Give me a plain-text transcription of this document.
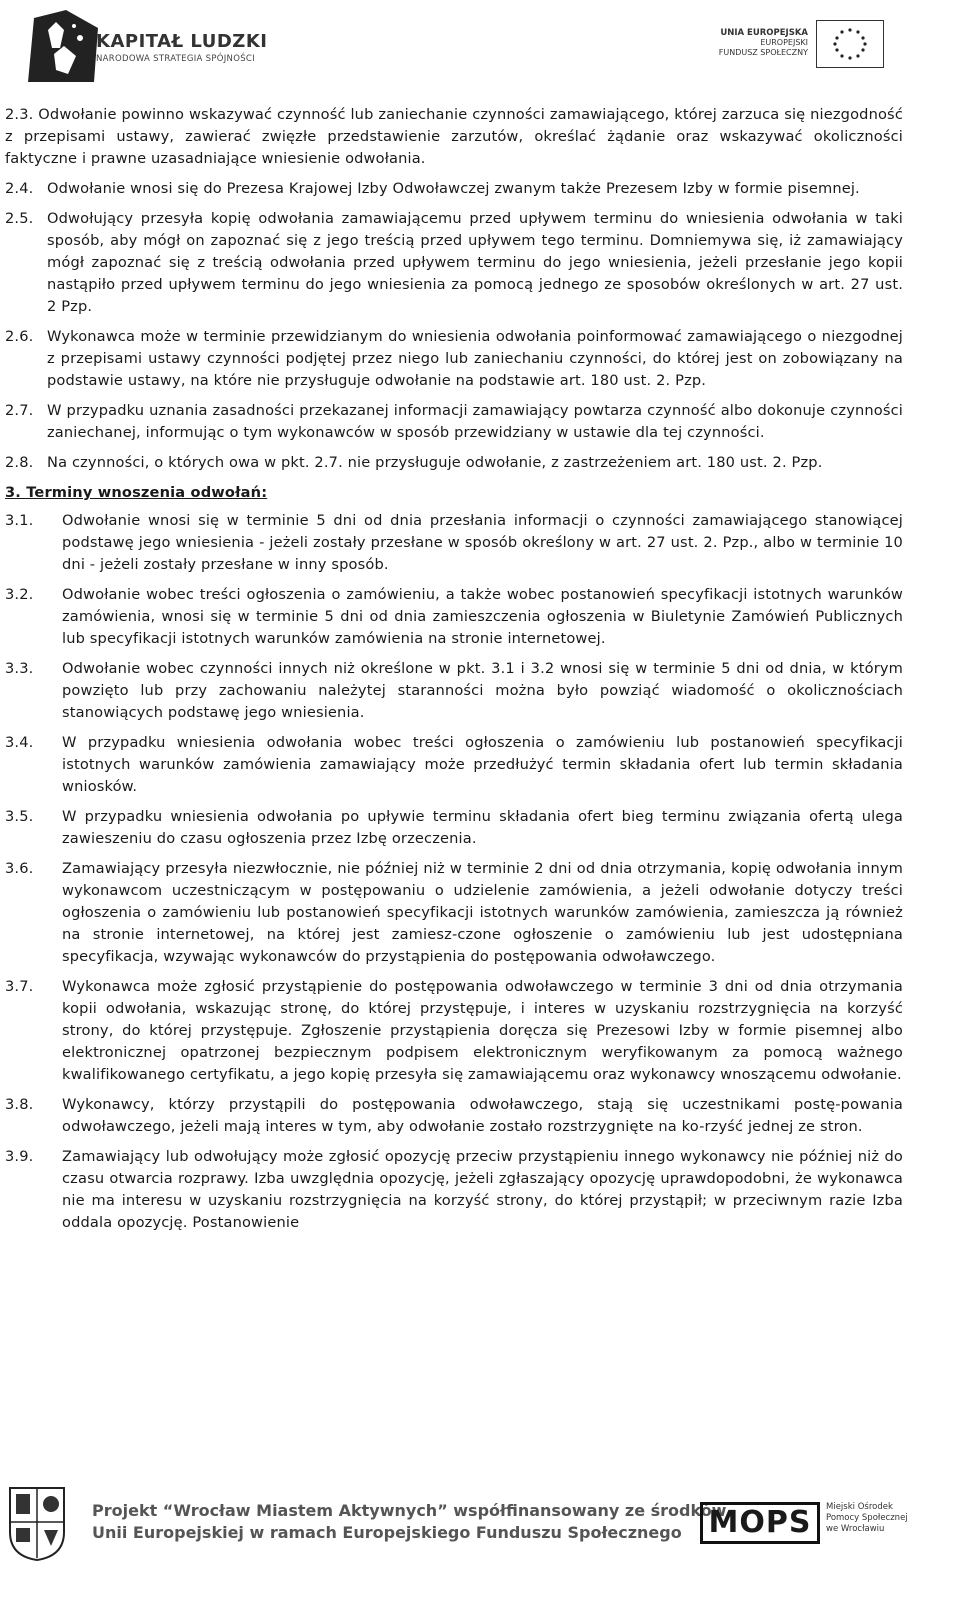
KAPITAŁ LUDZKI
NARODOWA STRATEGIA SPÓJNOŚCI
UNIA EUROPEJSKA
EUROPEJSKI
FUNDUSZ SPOŁECZNY
2.3. Odwołanie powinno wskazywać czynność lub zaniechanie czynności zamawiającego, której zarzuca się niezgodność z przepisami ustawy, zawierać zwięzłe przedstawienie zarzutów, określać żądanie oraz wskazywać okoliczności faktyczne i prawne uzasadniające wniesienie odwołania.
2.4. Odwołanie wnosi się do Prezesa Krajowej Izby Odwoławczej zwanym także Prezesem Izby w formie pisemnej.
2.5. Odwołujący przesyła kopię odwołania zamawiającemu przed upływem terminu do wniesienia odwołania w taki sposób, aby mógł on zapoznać się z jego treścią przed upływem tego terminu. Domniemywa się, iż zamawiający mógł zapoznać się z treścią odwołania przed upływem terminu do jego wniesienia, jeżeli przesłanie jego kopii nastąpiło przed upływem terminu do jego wniesienia za pomocą jednego ze sposobów określonych w art. 27 ust. 2 Pzp.
2.6. Wykonawca może w terminie przewidzianym do wniesienia odwołania poinformować zamawiającego o niezgodnej z przepisami ustawy czynności podjętej przez niego lub zaniechaniu czynności, do której jest on zobowiązany na podstawie ustawy, na które nie przysługuje odwołanie na podstawie art. 180 ust. 2. Pzp.
2.7. W przypadku uznania zasadności przekazanej informacji zamawiający powtarza czynność albo dokonuje czynności zaniechanej, informując o tym wykonawców w sposób przewidziany w ustawie dla tej czynności.
2.8. Na czynności, o których owa w pkt. 2.7. nie przysługuje odwołanie, z zastrzeżeniem art. 180 ust. 2. Pzp.
3. Terminy wnoszenia odwołań:
3.1.	Odwołanie wnosi się w terminie 5 dni od dnia przesłania informacji o czynności zamawiającego stanowiącej podstawę jego wniesienia - jeżeli zostały przesłane w sposób określony w art. 27 ust. 2. Pzp., albo w terminie 10 dni - jeżeli zostały przesłane w inny sposób.
3.2.	Odwołanie wobec treści ogłoszenia o zamówieniu, a także wobec postanowień specyfikacji istotnych warunków zamówienia, wnosi się w terminie 5 dni od dnia zamieszczenia ogłoszenia w Biuletynie Zamówień Publicznych lub specyfikacji istotnych warunków zamówienia na stronie internetowej.
3.3.	Odwołanie wobec czynności innych niż określone w pkt. 3.1 i 3.2 wnosi się w terminie 5 dni od dnia, w którym powzięto lub przy zachowaniu należytej staranności można było powziąć wiadomość o okolicznościach stanowiących podstawę jego wniesienia.
3.4.	W przypadku wniesienia odwołania wobec treści ogłoszenia o zamówieniu lub postanowień specyfikacji istotnych warunków zamówienia zamawiający może przedłużyć termin składania ofert lub termin składania wniosków.
3.5.	W przypadku wniesienia odwołania po upływie terminu składania ofert bieg terminu związania ofertą ulega zawieszeniu do czasu ogłoszenia przez Izbę orzeczenia.
3.6.	Zamawiający przesyła niezwłocznie, nie później niż w terminie 2 dni od dnia otrzymania, kopię odwołania innym wykonawcom uczestniczącym w postępowaniu o udzielenie zamówienia, a jeżeli odwołanie dotyczy treści ogłoszenia o zamówieniu lub postanowień specyfikacji istotnych warunków zamówienia, zamieszcza ją również na stronie internetowej, na której jest zamiesz-czone ogłoszenie o zamówieniu lub jest udostępniana specyfikacja, wzywając wykonawców do przystąpienia do postępowania odwoławczego.
3.7.	Wykonawca może zgłosić przystąpienie do postępowania odwoławczego w terminie 3 dni od dnia otrzymania kopii odwołania, wskazując stronę, do której przystępuje, i interes w uzyskaniu rozstrzygnięcia na korzyść strony, do której przystępuje. Zgłoszenie przystąpienia doręcza się Prezesowi Izby w formie pisemnej albo elektronicznej opatrzonej bezpiecznym podpisem elektronicznym weryfikowanym za pomocą ważnego kwalifikowanego certyfikatu, a jego kopię przesyła się zamawiającemu oraz wykonawcy wnoszącemu odwołanie.
3.8.	Wykonawcy, którzy przystąpili do postępowania odwoławczego, stają się uczestnikami postę-powania odwoławczego, jeżeli mają interes w tym, aby odwołanie zostało rozstrzygnięte na ko-rzyść jednej ze stron.
3.9.	Zamawiający lub odwołujący może zgłosić opozycję przeciw przystąpieniu innego wykonawcy nie później niż do czasu otwarcia rozprawy. Izba uwzględnia opozycję, jeżeli zgłaszający opozycję uprawdopodobni, że wykonawca nie ma interesu w uzyskaniu rozstrzygnięcia na korzyść strony, do której przystąpił; w przeciwnym razie Izba oddala opozycję. Postanowienie
Projekt “Wrocław Miastem Aktywnych” współfinansowany ze środków
Unii Europejskiej w ramach Europejskiego Funduszu Społecznego MOPS	Miejski Ośrodek
Pomocy Społecznej
we Wrocławiu
